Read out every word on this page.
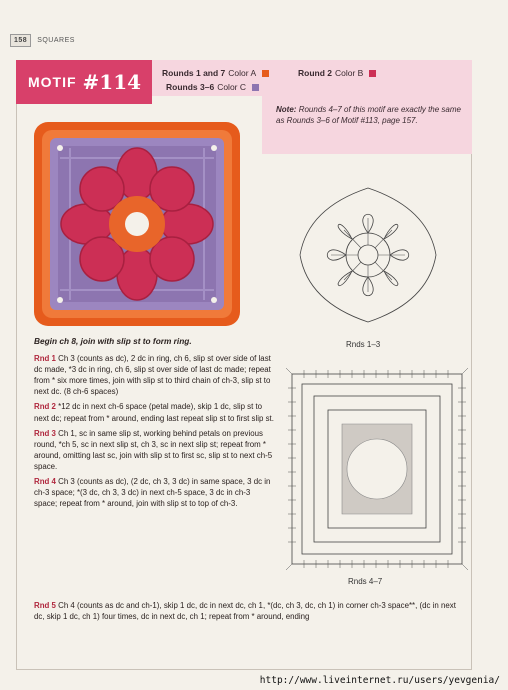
158	SQUARES
MOTIF #114 Rounds 1 and 7 Color A	Round 2 Color B
Rounds 3–6 Color C
Note: Rounds 4–7 of this motif are exactly the same as Rounds 3–6 of Motif #113, page 157.
Rnds 1–3
Rnds 4–7

Begin ch 8, join with slip st to form ring.

Rnd 1 Ch 3 (counts as dc), 2 dc in ring, ch 6, slip st over side of last dc made, *3 dc in ring, ch 6, slip st over side of last dc made; repeat from * six more times, join with slip st to third chain of ch-3, slip st to next dc. (8 ch-6 spaces)

Rnd 2 *12 dc in next ch-6 space (petal made), skip 1 dc, slip st to next dc; repeat from * around, ending last repeat slip st to first slip st.

Rnd 3 Ch 1, sc in same slip st, working behind petals on previous round, *ch 5, sc in next slip st, ch 3, sc in next slip st; repeat from * around, omitting last sc, join with slip st to first sc, slip st to next ch-5 space.

Rnd 4 Ch 3 (counts as dc), (2 dc, ch 3, 3 dc) in same space, 3 dc in ch-3 space; *(3 dc, ch 3, 3 dc) in next ch-5 space, 3 dc in ch-3 space; repeat from * around, join with slip st to top of ch-3.

Rnd 5 Ch 4 (counts as dc and ch-1), skip 1 dc, dc in next dc, ch 1, *(dc, ch 3, dc, ch 1) in corner ch-3 space**, (dc in next dc, skip 1 dc, ch 1) four times, dc in next dc, ch 1; repeat from * around, ending
http://www.liveinternet.ru/users/yevgenia/
